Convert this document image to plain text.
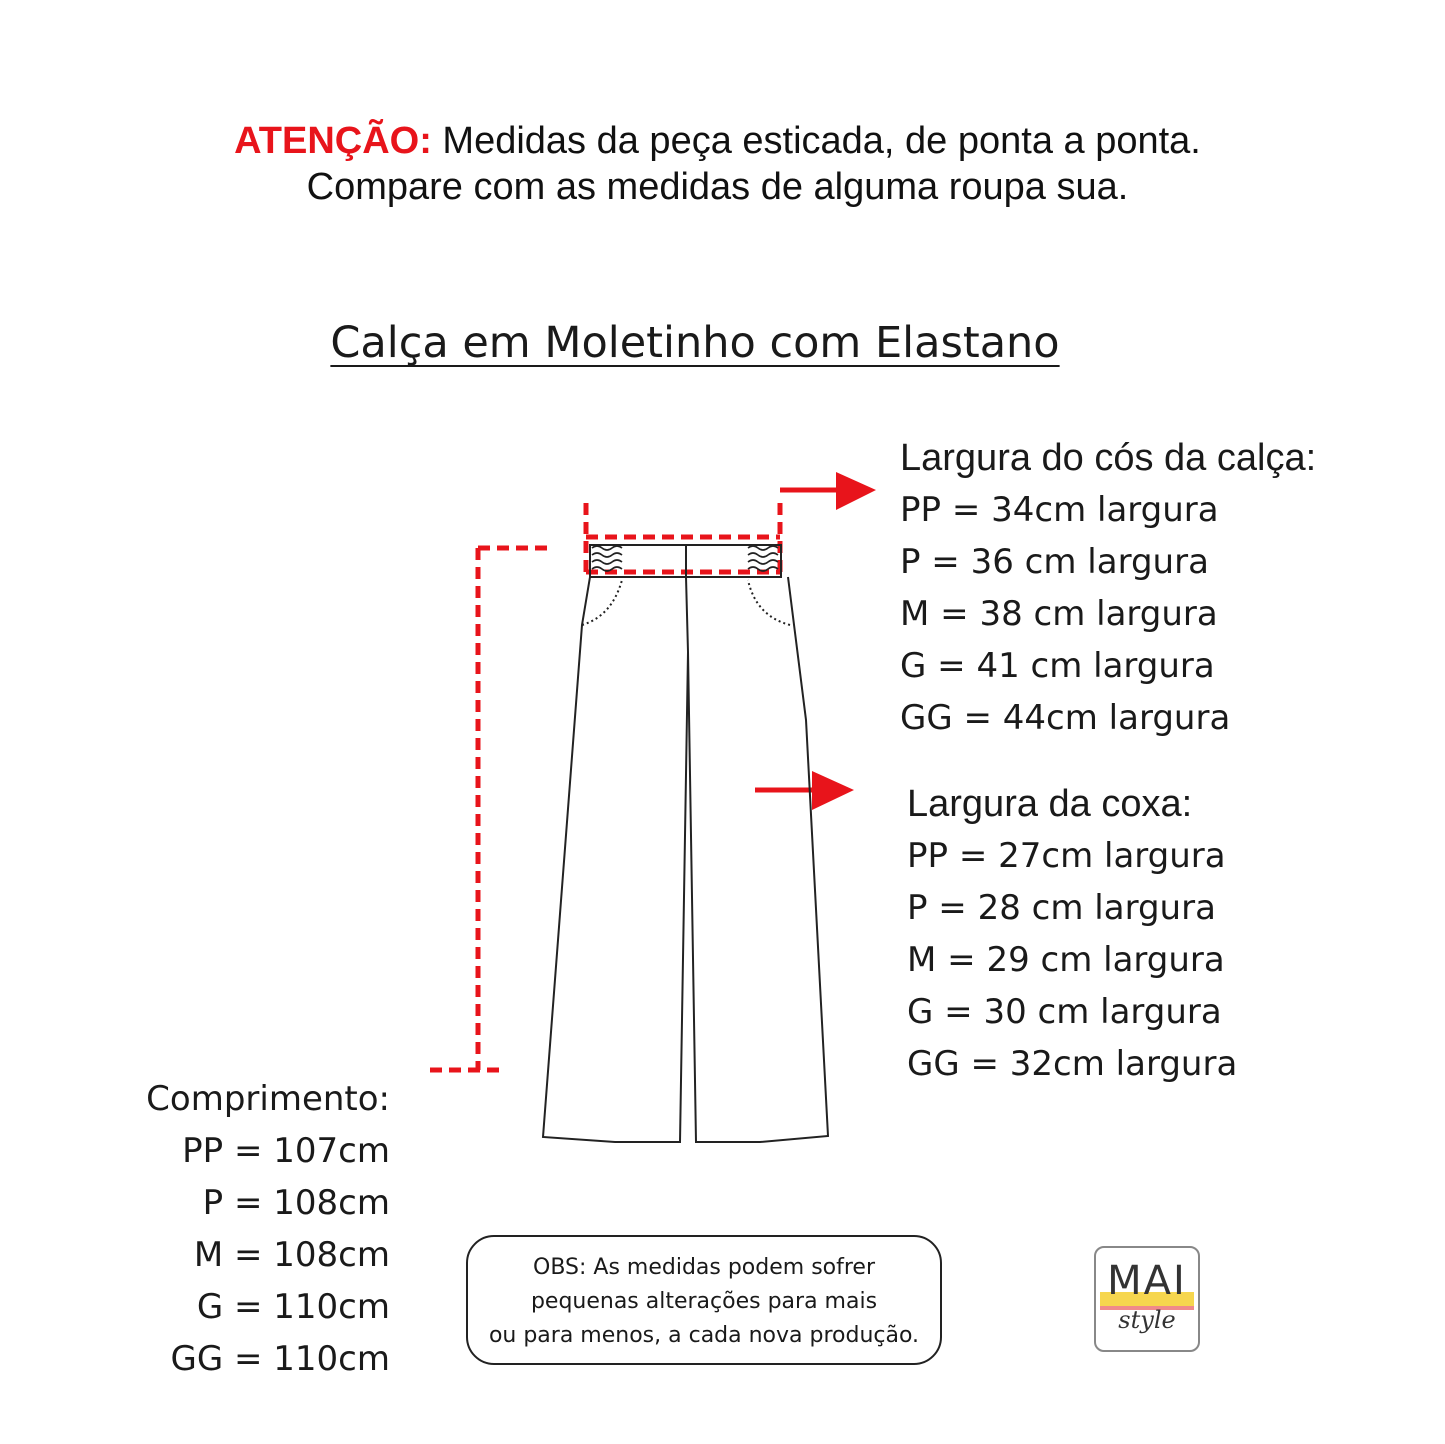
ATENÇÃO: Medidas da peça esticada, de ponta a ponta.
Compare com as medidas de alguma roupa sua.
Calça em Moletinho com Elastano
Largura do cós da calça:
PP = 34cm largura
P = 36 cm largura
M = 38 cm largura
G = 41 cm largura
GG = 44cm largura
Largura da coxa:
PP = 27cm largura
P = 28 cm largura
M = 29 cm largura
G = 30 cm largura
GG = 32cm largura
Comprimento:
PP = 107cm
P = 108cm
M = 108cm
G = 110cm
GG = 110cm
OBS: As medidas podem sofrer
pequenas alterações para mais
ou para menos, a cada nova produção.
MAI
style
